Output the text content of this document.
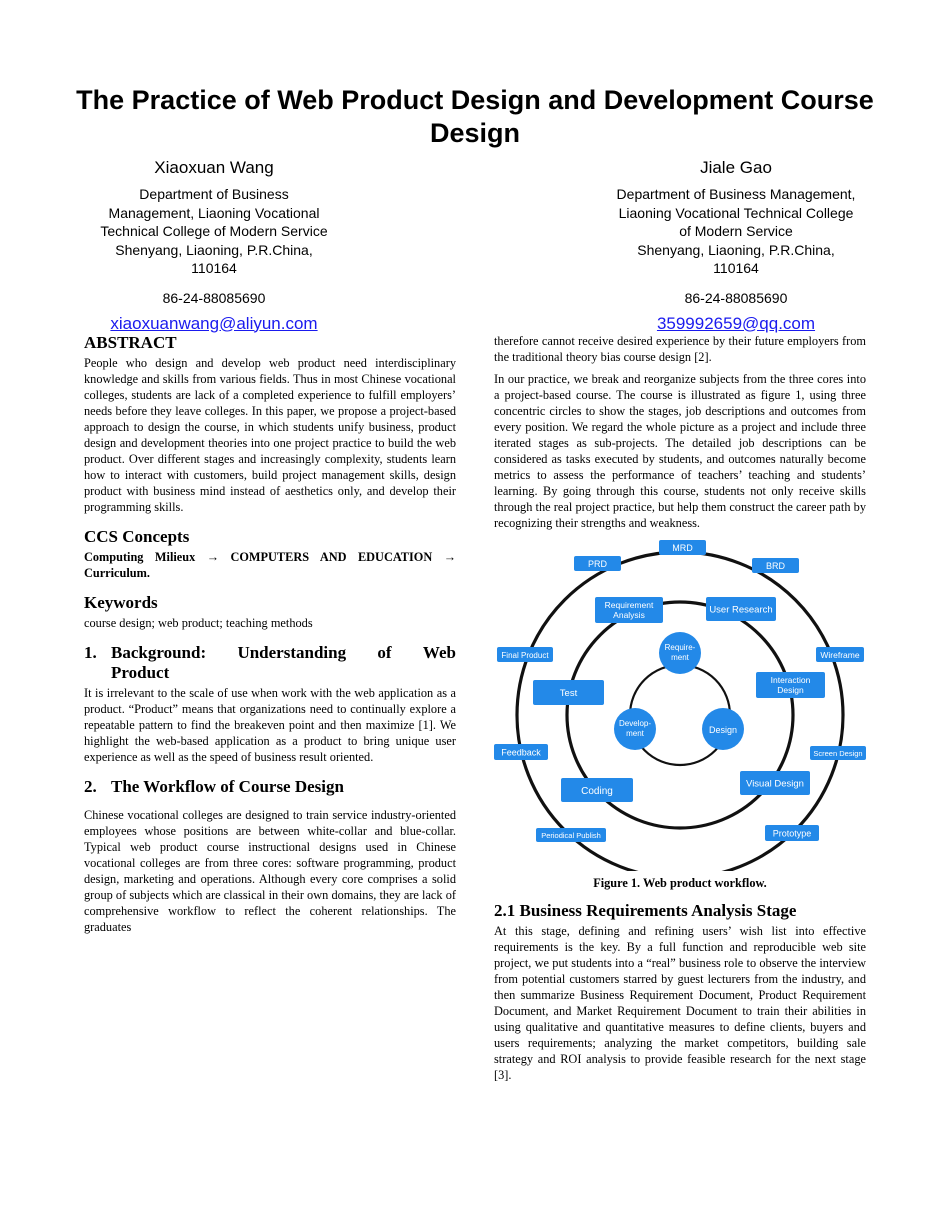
The Practice of Web Product Design and Development Course Design

Xiaoxuan Wang

Department of Business
Management, Liaoning Vocational
Technical College of Modern Service
Shenyang, Liaoning, P.R.China,
110164

86-24-88085690

xiaoxuanwang@aliyun.com

Jiale Gao

Department of Business Management,
Liaoning Vocational Technical College
of Modern Service
Shenyang, Liaoning, P.R.China,
110164

86-24-88085690

359992659@qq.com

ABSTRACT

People who design and develop web product need interdisciplinary knowledge and skills from various fields. Thus in most Chinese vocational colleges, students are lack of a completed experience to fulfill employers’ needs before they leave colleges. In this paper, we propose a project-based approach to design the course, in which students unify business, product design and development theories into one project practice to build the web product. Over different stages and increasingly complexity, students learn how to interact with customers, build project management skills, design product with business mind instead of aesthetics only, and develop their programming skills.

CCS Concepts

Computing Milieux → COMPUTERS AND EDUCATION → Curriculum.

Keywords

course design; web product; teaching methods

1. Background: Understanding of Web
Product

It is irrelevant to the scale of use when work with the web application as a product. “Product” means that organizations need to continually explore a repeatable pattern to find the breakeven point and then maximize [1]. We highlight the web-based application as a product to bring unique user experience as well as the speed of business result oriented.

2. The Workflow of Course Design

Chinese vocational colleges are designed to train service industry-oriented employees whose positions are between white-collar and blue-collar. Typical web product course instructional designs used in Chinese vocational colleges are from three cores: software programming, product design, marketing and operations. Although every core comprises a solid group of subjects which are classical in their own domains, they are lack of comprehensive workflow to reflect the coherent relationships. The graduates

therefore cannot receive desired experience by their future employers from the traditional theory bias course design [2].

In our practice, we break and reorganize subjects from the three cores into a project-based course. The course is illustrated as figure 1, using three concentric circles to show the stages, job descriptions and outcomes from every position. We regard the whole picture as a project and include three iterated stages as sub-projects. The detailed job descriptions can be considered as tasks executed by students, and outcomes naturally become metrics to assess the performance of teachers’ teaching and students’ learning. By going through this course, students not only receive skills through the real project practice, but help them construct the career path by recognizing their strengths and weakness.

MRD
PRD	BRD
Final Product	Wireframe
Feedback	Screen Design
Periodical Publish	Prototype
Requirement
Analysis	User Research
Test
Interaction
Design
Coding
Visual Design
Require-
ment
Develop-
ment	Design

Figure 1. Web product workflow.

2.1 Business Requirements Analysis Stage

At this stage, defining and refining users’ wish list into effective requirements is the key. By a full function and reproducible web site project, we put students into a “real” business role to observe the interview from potential customers starred by guest lecturers from the industry, and then summarize Business Requirement Document, Product Requirement Document, and Market Requirement Document to train their abilities in using qualitative and quantitative measures to define clients, buyers and users requirements; analyzing the market competitors, building sale strategy and ROI analysis to provide feasible research for the next stage [3].
